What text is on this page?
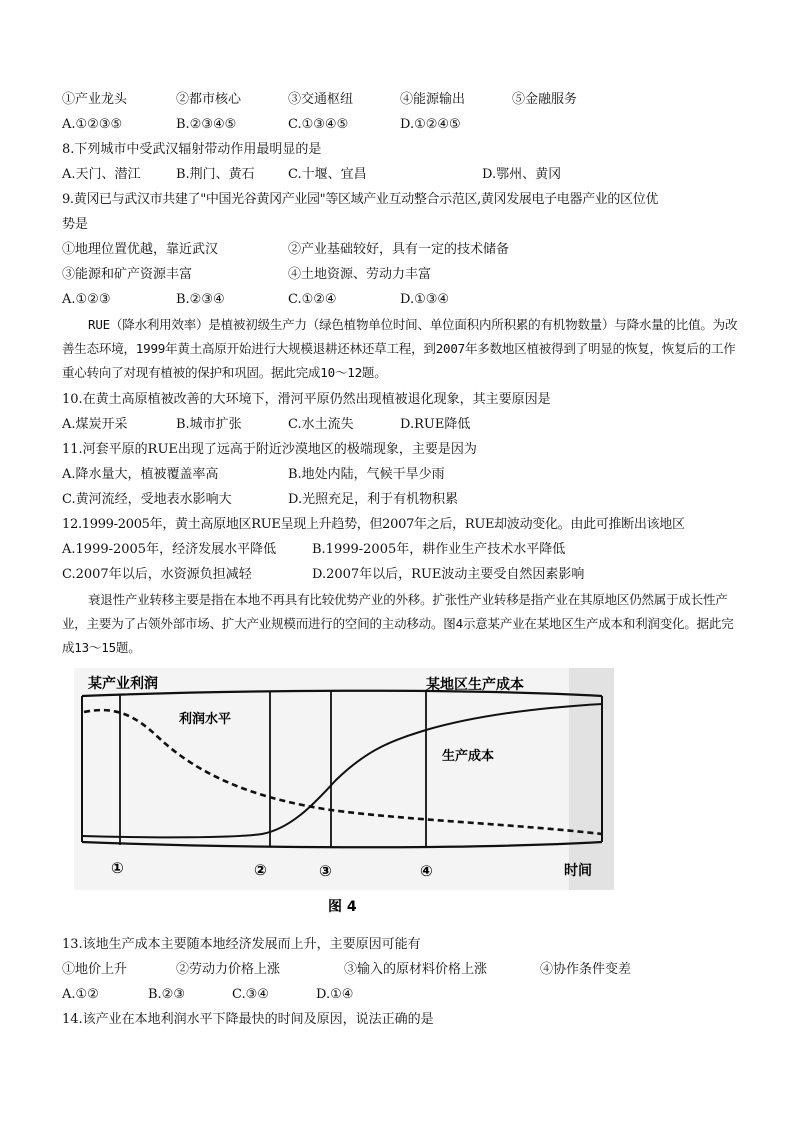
①产业龙头	②都市核心	③交通枢纽	④能源输出	⑤金融服务
A.①②③⑤	B.②③④⑤	C.①③④⑤	D.①②④⑤
8.下列城市中受武汉辐射带动作用最明显的是
A.天门、潜江	B.荆门、黄石	C.十堰、宜昌	D.鄂州、黄冈
9.黄冈已与武汉市共建了"中国光谷黄冈产业园"等区域产业互动整合示范区,黄冈发展电子电器产业的区位优
势是
①地理位置优越，靠近武汉	②产业基础较好，具有一定的技术储备
③能源和矿产资源丰富	④土地资源、劳动力丰富
A.①②③	B.②③④	C.①②④	D.①③④
RUE（降水利用效率）是植被初级生产力（绿色植物单位时间、单位面积内所积累的有机物数量）与降水量的比值。为改善生态环境，1999年黄土高原开始进行大规模退耕还林还草工程，到2007年多数地区植被得到了明显的恢复，恢复后的工作重心转向了对现有植被的保护和巩固。据此完成10～12题。
10.在黄土高原植被改善的大环境下，滑河平原仍然出现植被退化现象，其主要原因是
A.煤炭开采	B.城市扩张	C.水土流失	D.RUE降低
11.河套平原的RUE出现了远高于附近沙漠地区的极端现象，主要是因为
A.降水量大，植被覆盖率高	B.地处内陆，气候干旱少雨
C.黄河流经，受地表水影响大	D.光照充足，利于有机物积累
12.1999-2005年，黄土高原地区RUE呈现上升趋势，但2007年之后，RUE却波动变化。由此可推断出该地区
A.1999-2005年，经济发展水平降低	B.1999-2005年，耕作业生产技术水平降低
C.2007年以后，水资源负担减轻	D.2007年以后，RUE波动主要受自然因素影响
衰退性产业转移主要是指在本地不再具有比较优势产业的外移。扩张性产业转移是指产业在其原地区仍然属于成长性产业，主要为了占领外部市场、扩大产业规模而进行的空间的主动移动。图4示意某产业在某地区生产成本和利润变化。据此完成13～15题。
某产业利润	某地区生产成本
利润水平
生产成本
①	②	③	④	时间
图 4
13.该地生产成本主要随本地经济发展而上升，主要原因可能有
①地价上升	②劳动力价格上涨	③输入的原材料价格上涨	④协作条件变差
A.①②	B.②③	C.③④	D.①④
14.该产业在本地利润水平下降最快的时间及原因，说法正确的是
